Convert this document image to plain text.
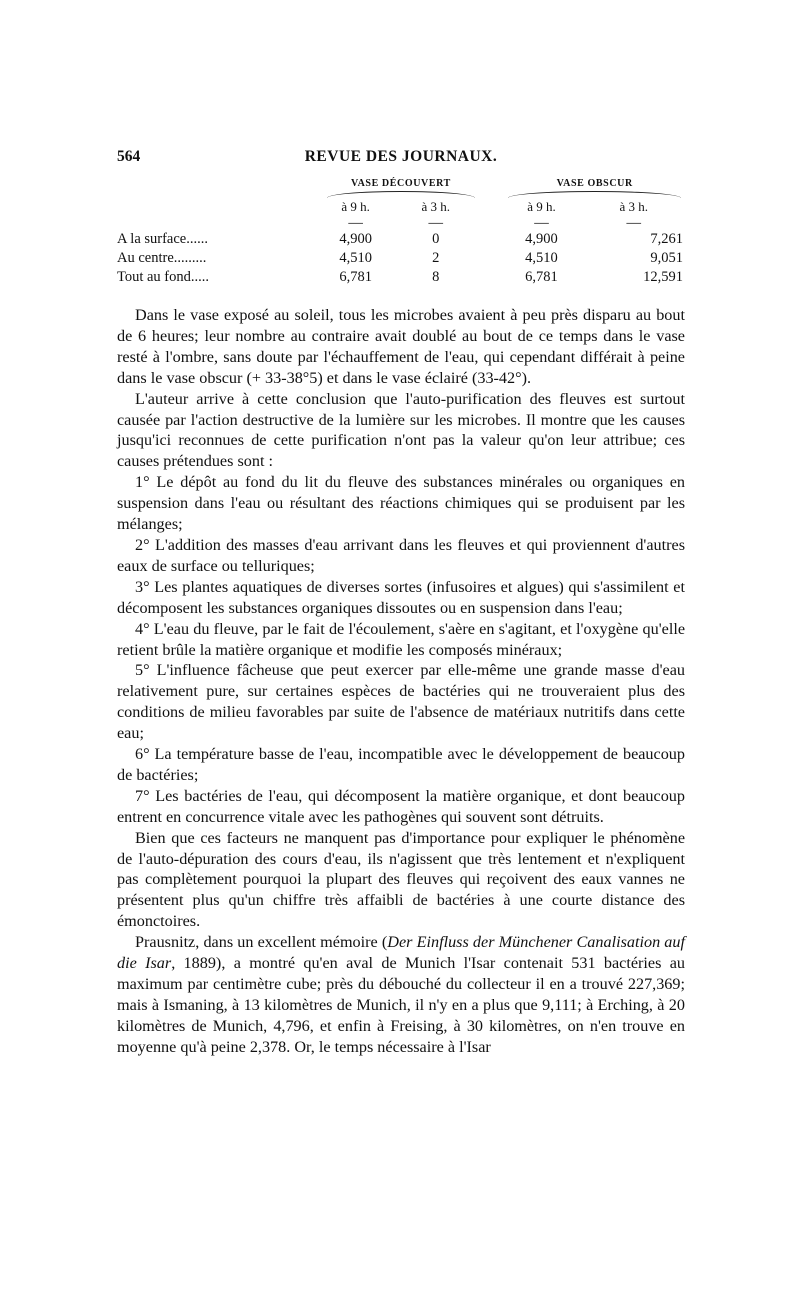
564	REVUE DES JOURNAUX.
	VASE DÉCOUVERT		VASE OBSCUR

	à 9 h.	à 3 h.		à 9 h.	à 3 h.
	—	—		—	—
A la surface......	4,900	0		4,900	7,261
Au centre.........	4,510	2		4,510	9,051
Tout au fond.....	6,781	8		6,781	12,591

Dans le vase exposé au soleil, tous les microbes avaient à peu près disparu au bout de 6 heures; leur nombre au contraire avait doublé au bout de ce temps dans le vase resté à l'ombre, sans doute par l'échauffement de l'eau, qui cependant différait à peine dans le vase obscur (+ 33-38°5) et dans le vase éclairé (33-42°).

L'auteur arrive à cette conclusion que l'auto-purification des fleuves est surtout causée par l'action destructive de la lumière sur les microbes. Il montre que les causes jusqu'ici reconnues de cette purification n'ont pas la valeur qu'on leur attribue; ces causes prétendues sont :

1° Le dépôt au fond du lit du fleuve des substances minérales ou organiques en suspension dans l'eau ou résultant des réactions chimiques qui se produisent par les mélanges;

2° L'addition des masses d'eau arrivant dans les fleuves et qui proviennent d'autres eaux de surface ou telluriques;

3° Les plantes aquatiques de diverses sortes (infusoires et algues) qui s'assimilent et décomposent les substances organiques dissoutes ou en suspension dans l'eau;

4° L'eau du fleuve, par le fait de l'écoulement, s'aère en s'agitant, et l'oxygène qu'elle retient brûle la matière organique et modifie les composés minéraux;

5° L'influence fâcheuse que peut exercer par elle-même une grande masse d'eau relativement pure, sur certaines espèces de bactéries qui ne trouveraient plus des conditions de milieu favorables par suite de l'absence de matériaux nutritifs dans cette eau;

6° La température basse de l'eau, incompatible avec le développement de beaucoup de bactéries;

7° Les bactéries de l'eau, qui décomposent la matière organique, et dont beaucoup entrent en concurrence vitale avec les pathogènes qui souvent sont détruits.

Bien que ces facteurs ne manquent pas d'importance pour expliquer le phénomène de l'auto-dépuration des cours d'eau, ils n'agissent que très lentement et n'expliquent pas complètement pourquoi la plupart des fleuves qui reçoivent des eaux vannes ne présentent plus qu'un chiffre très affaibli de bactéries à une courte distance des émonctoires.

Prausnitz, dans un excellent mémoire (Der Einfluss der Münchener Canalisation auf die Isar, 1889), a montré qu'en aval de Munich l'Isar contenait 531 bactéries au maximum par centimètre cube; près du débouché du collecteur il en a trouvé 227,369; mais à Ismaning, à 13 kilomètres de Munich, il n'y en a plus que 9,111; à Erching, à 20 kilomètres de Munich, 4,796, et enfin à Freising, à 30 kilomètres, on n'en trouve en moyenne qu'à peine 2,378. Or, le temps nécessaire à l'Isar
